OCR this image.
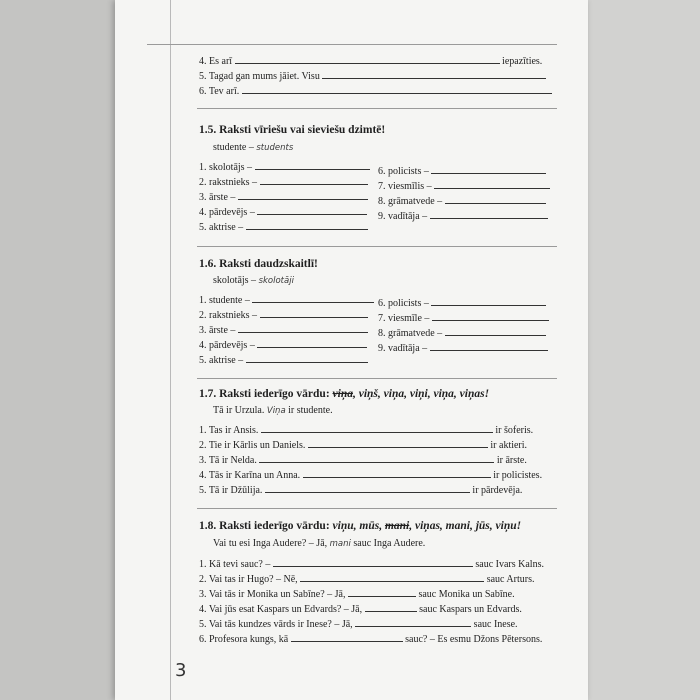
4. Es arī	iepazīties.
5. Tagad gan mums jāiet. Visu
6. Tev arī.
1.5. Raksti vīriešu vai sieviešu dzimtē!
studente – students
1. skolotājs –
2. rakstnieks –
3. ārste –
4. pārdevējs –
5. aktrise –
6. policists –
7. viesmīlis –
8. grāmatvede –
9. vadītāja –
1.6. Raksti daudzskaitlī!
skolotājs – skolotāji
1. studente –
2. rakstnieks –
3. ārste –
4. pārdevējs –
5. aktrise –
6. policists –
7. viesmīle –
8. grāmatvede –
9. vadītāja –
1.7. Raksti iederīgo vārdu: viņa, viņš, viņa, viņi, viņa, viņas!
Tā ir Urzula. Viņa ir studente.
1. Tas ir Ansis.	ir šoferis.
2. Tie ir Kārlis un Daniels.	ir aktieri.
3. Tā ir Nelda.	ir ārste.
4. Tās ir Karīna un Anna.	ir policistes.
5. Tā ir Džūlija.	ir pārdevēja.
1.8. Raksti iederīgo vārdu: viņu, mūs, mani, viņas, mani, jūs, viņu!
Vai tu esi Inga Audere? – Jā, mani sauc Inga Audere.
1. Kā tevi sauc? –	sauc Ivars Kalns.
2. Vai tas ir Hugo? – Nē,	sauc Arturs.
3. Vai tās ir Monika un Sabīne? – Jā,	sauc Monika un Sabīne.
4. Vai jūs esat Kaspars un Edvards? – Jā,	sauc Kaspars un Edvards.
5. Vai tās kundzes vārds ir Inese? – Jā,	sauc Inese.
6. Profesora kungs, kā	sauc? – Es esmu Džons Pētersons.
3
